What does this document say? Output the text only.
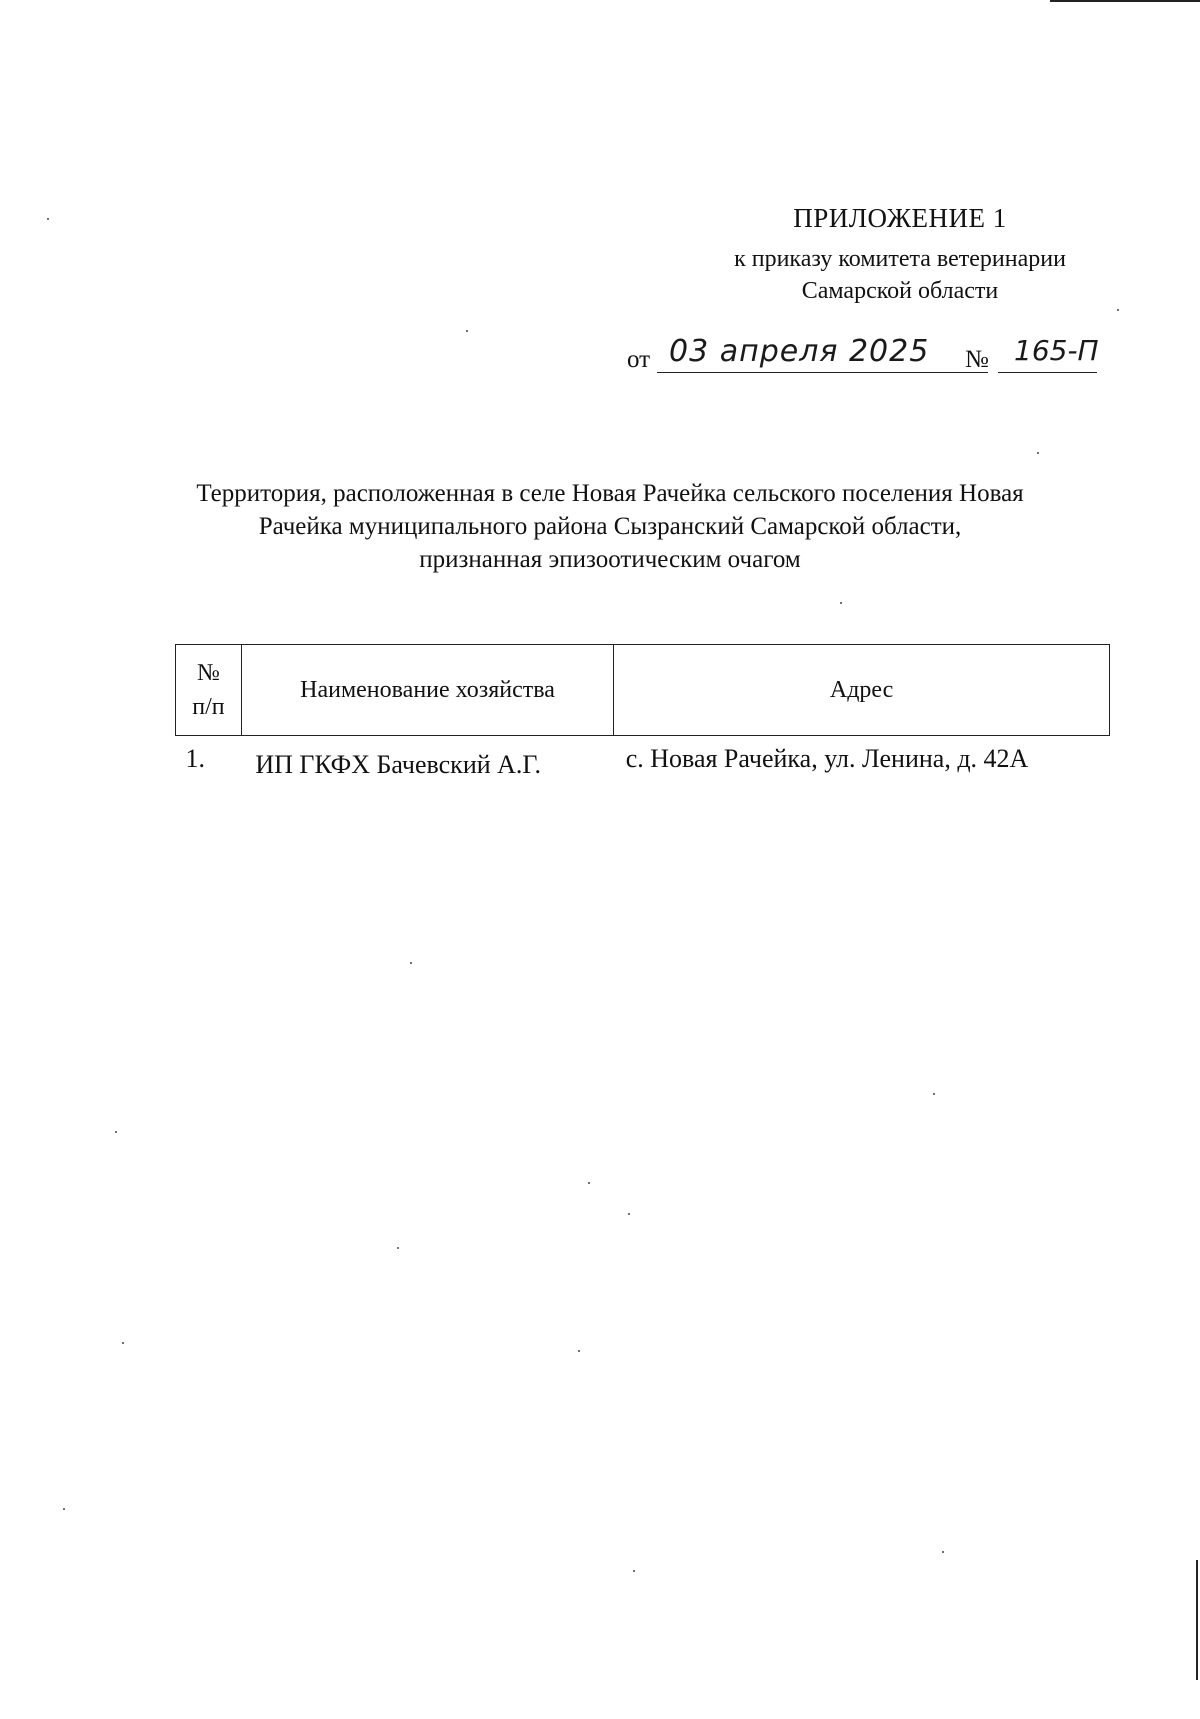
ПРИЛОЖЕНИЕ 1
к приказу комитета ветеринарии
Самарской области
от 03 апреля 2025 № 165-П
Территория, расположенная в селе Новая Рачейка сельского поселения Новая
Рачейка муниципального района Сызранский Самарской области,
признанная эпизоотическим очагом
№
п/п	Наименование хозяйства	Адрес
1.	ИП ГКФХ Бачевский А.Г.	с. Новая Рачейка, ул. Ленина, д. 42А
